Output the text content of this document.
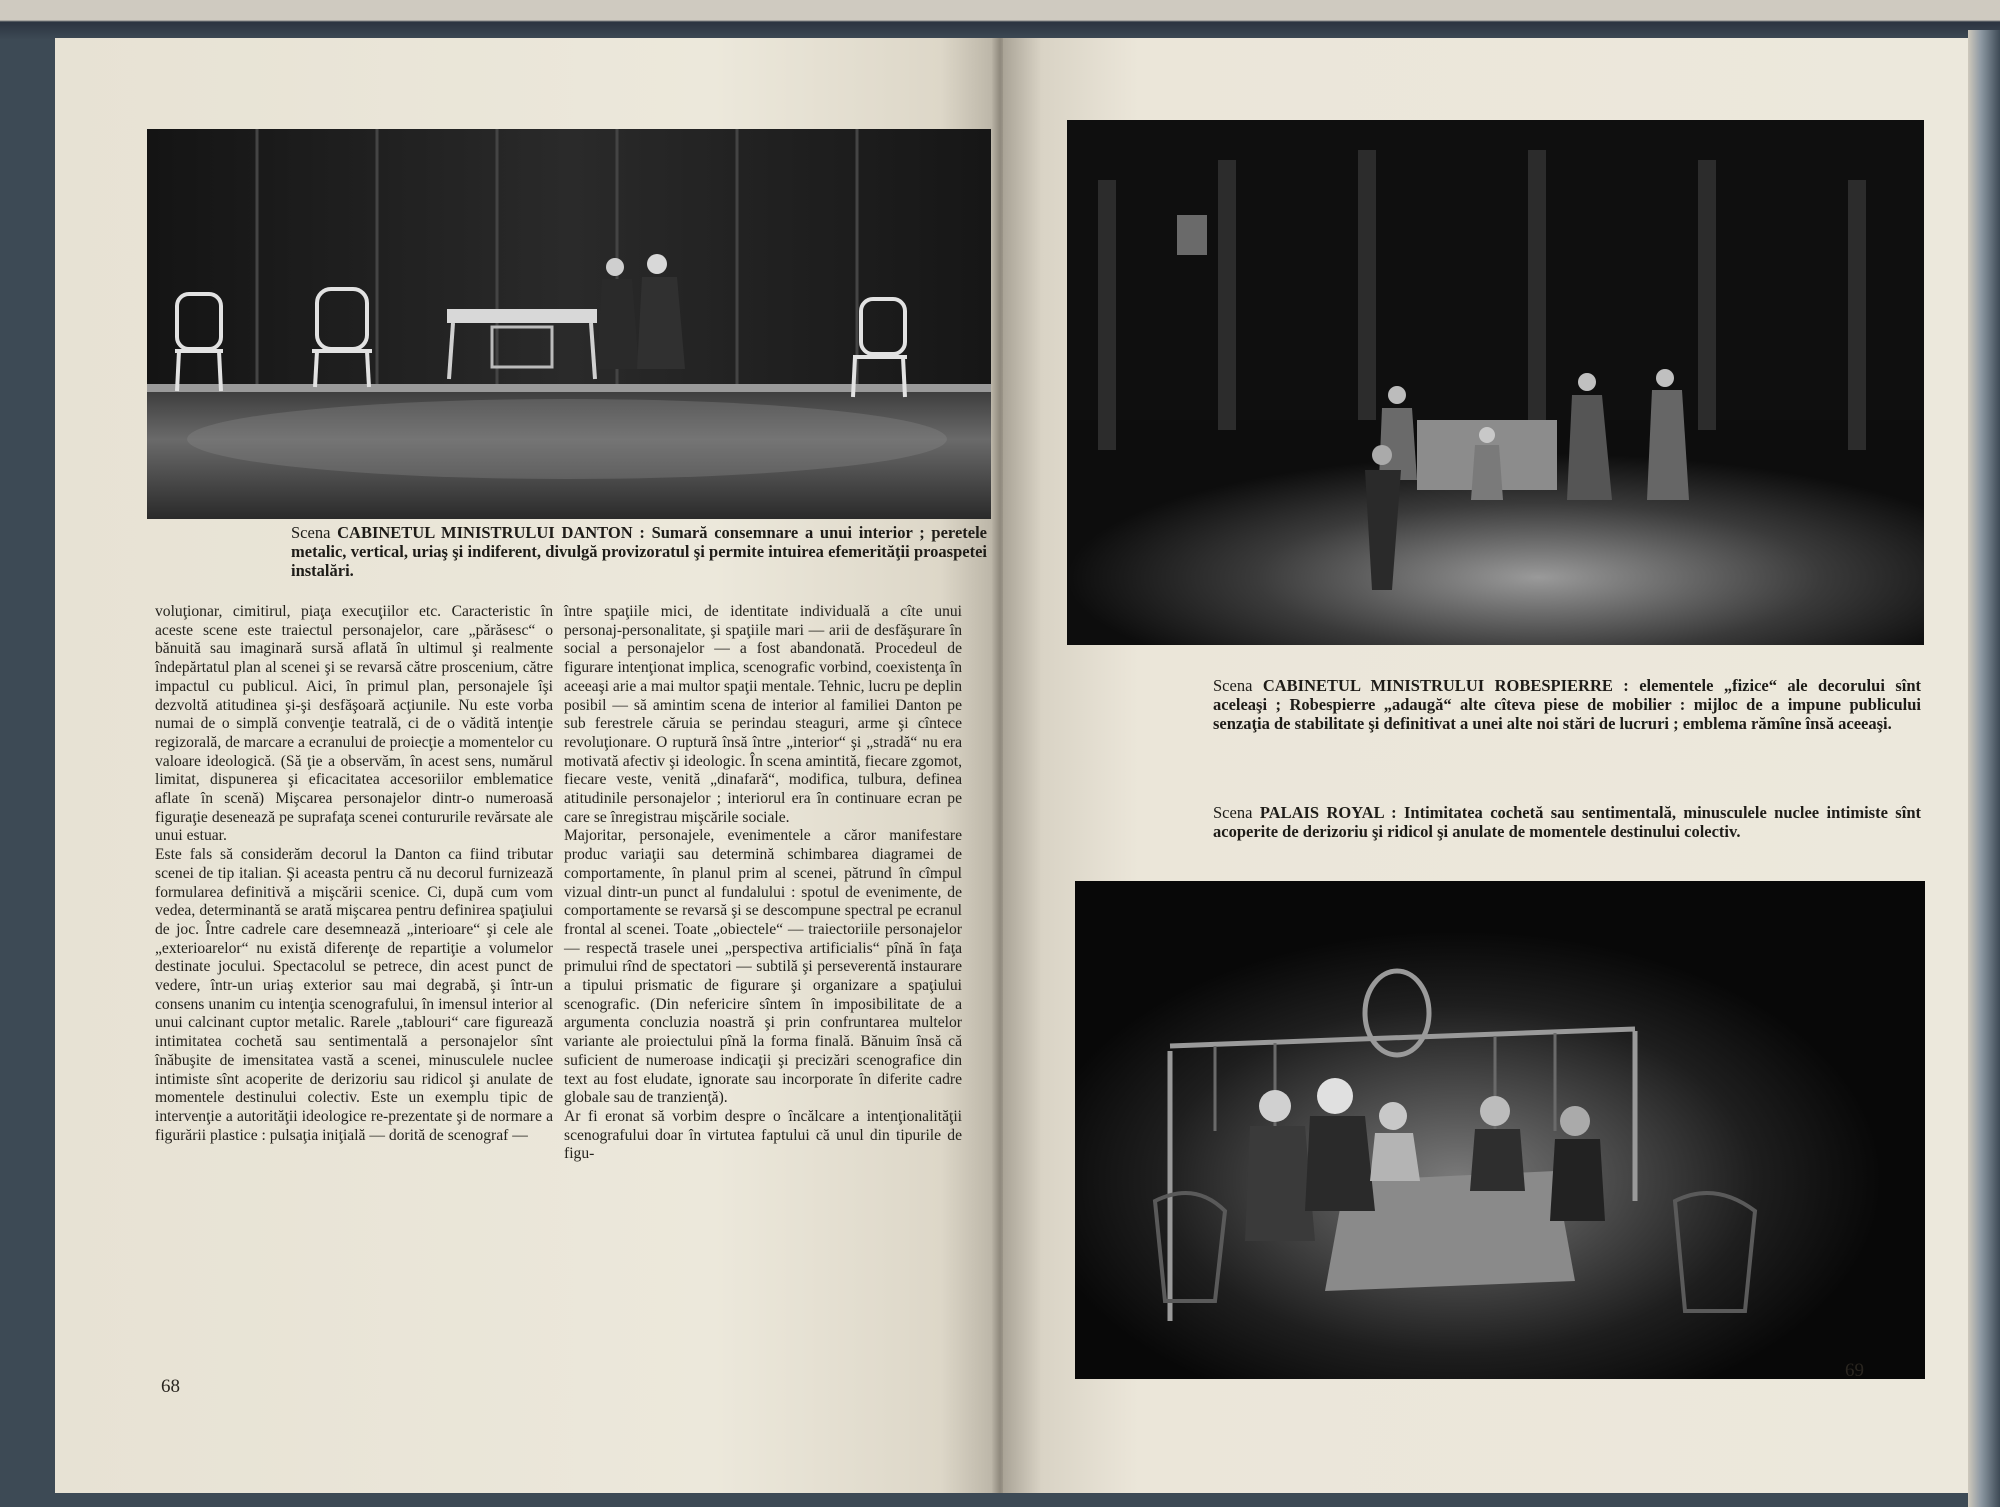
Scena CABINETUL MINISTRULUI DANTON : Sumară consemnare a unui interior ; peretele metalic, vertical, uriaş şi indiferent, divulgă provizoratul şi permite intuirea efemerităţii proaspetei instalări.
voluţionar, cimitirul, piaţa execuţiilor etc. Caracteristic în aceste scene este traiectul personajelor, care „părăsesc“ o bănuită sau imaginară sursă aflată în ultimul şi realmente îndepărtatul plan al scenei şi se revarsă către proscenium, către impactul cu publicul. Aici, în primul plan, personajele îşi dezvoltă atitudinea şi-şi desfăşoară acţiunile. Nu este vorba numai de o simplă convenţie teatrală, ci de o vădită intenţie regizorală, de marcare a ecranului de proiecţie a momentelor cu valoare ideologică. (Să ţie a observăm, în acest sens, numărul limitat, dispunerea şi eficacitatea accesoriilor emblematice aflate în scenă) Mişcarea personajelor dintr-o numeroasă figuraţie desenează pe suprafaţa scenei contururile revărsate ale unui estuar.
Este fals să considerăm decorul la Danton ca fiind tributar scenei de tip italian. Şi aceasta pentru că nu decorul furnizează formularea definitivă a mişcării scenice. Ci, după cum vom vedea, determinantă se arată mişcarea pentru definirea spaţiului de joc. Între cadrele care desemnează „interioare“ şi cele ale „exterioarelor“ nu există diferenţe de repartiţie a volumelor destinate jocului. Spectacolul se petrece, din acest punct de vedere, într-un uriaş exterior sau mai degrabă, şi într-un consens unanim cu intenţia scenografului, în imensul interior al unui calcinant cuptor metalic. Rarele „tablouri“ care figurează intimitatea cochetă sau sentimentală a personajelor sînt înăbuşite de imensitatea vastă a scenei, minusculele nuclee intimiste sînt acoperite de derizoriu sau ridicol şi anulate de momentele destinului colectiv. Este un exemplu tipic de intervenţie a autorităţii ideologice re-prezentate şi de normare a figurării plastice : pulsaţia iniţială — dorită de scenograf —
între spaţiile mici, de identitate individuală a cîte unui personaj-personalitate, şi spaţiile mari — arii de desfăşurare în social a personajelor — a fost abandonată. Procedeul de figurare intenţionat implica, scenografic vorbind, coexistenţa în aceeaşi arie a mai multor spaţii mentale. Tehnic, lucru pe deplin posibil — să amintim scena de interior al familiei Danton pe sub ferestrele căruia se perindau steaguri, arme şi cîntece revoluţionare. O ruptură însă între „interior“ şi „stradă“ nu era motivată afectiv şi ideologic. În scena amintită, fiecare zgomot, fiecare veste, venită „dinafară“, modifica, tulbura, definea atitudinile personajelor ; interiorul era în continuare ecran pe care se înregistrau mişcările sociale.
Majoritar, personajele, evenimentele a căror manifestare produc variaţii sau determină schimbarea diagramei de comportamente, în planul prim al scenei, pătrund în cîmpul vizual dintr-un punct al fundalului : spotul de evenimente, de comportamente se revarsă şi se descompune spectral pe ecranul frontal al scenei. Toate „obiectele“ — traiectoriile personajelor — respectă trasele unei „perspectiva artificialis“ pînă în faţa primului rînd de spectatori — subtilă şi perseverentă instaurare a tipului prismatic de figurare şi organizare a spaţiului scenografic. (Din nefericire sîntem în imposibilitate de a argumenta concluzia noastră şi prin confruntarea multelor variante ale proiectului pînă la forma finală. Bănuim însă că suficient de numeroase indicaţii şi precizări scenografice din text au fost eludate, ignorate sau incorporate în diferite cadre globale sau de tranzienţă).
Ar fi eronat să vorbim despre o încălcare a intenţionalităţii scenografului doar în virtutea faptului că unul din tipurile de figu-
68
Scena CABINETUL MINISTRULUI ROBESPIERRE : elementele „fizice“ ale decorului sînt aceleaşi ; Robespierre „adaugă“ alte cîteva piese de mobilier : mijloc de a impune publicului senzaţia de stabilitate şi definitivat a unei alte noi stări de lucruri ; emblema rămîne însă aceeaşi.
Scena PALAIS ROYAL : Intimitatea cochetă sau sentimentală, minusculele nuclee intimiste sînt acoperite de derizoriu şi ridicol şi anulate de momentele destinului colectiv.
69
